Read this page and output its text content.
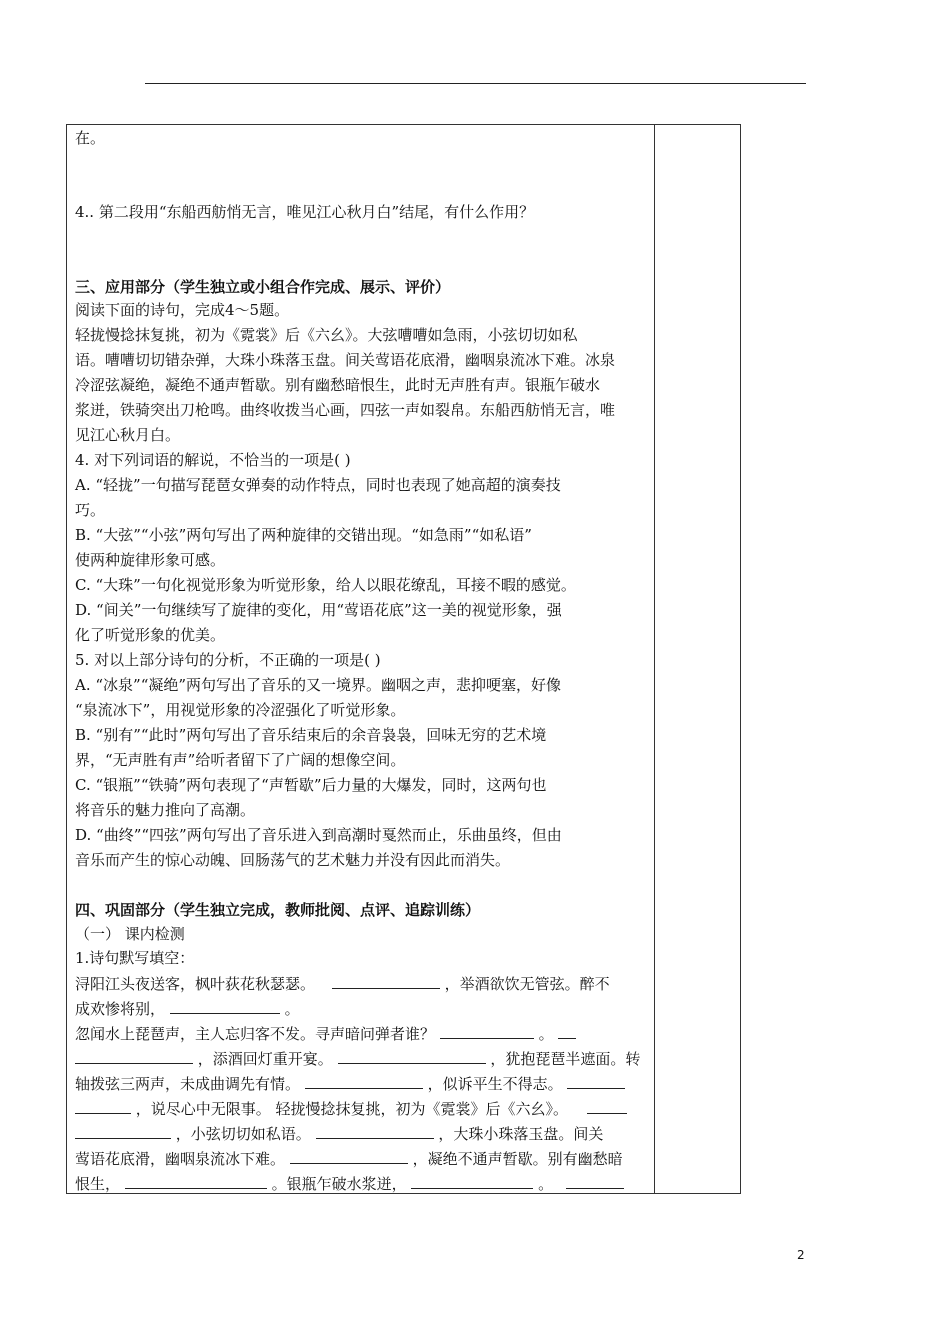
在。
4.. 第二段用“东船西舫悄无言，唯见江心秋月白”结尾，有什么作用？
三、应用部分（学生独立或小组合作完成、展示、评价）
阅读下面的诗句，完成4～5题。
轻拢慢捻抹复挑，初为《霓裳》后《六幺》。大弦嘈嘈如急雨，小弦切切如私
语。嘈嘈切切错杂弹，大珠小珠落玉盘。间关莺语花底滑，幽咽泉流冰下难。冰泉
冷涩弦凝绝，凝绝不通声暂歇。别有幽愁暗恨生，此时无声胜有声。银瓶乍破水
浆迸，铁骑突出刀枪鸣。曲终收拨当心画，四弦一声如裂帛。东船西舫悄无言，唯
见江心秋月白。
4. 对下列词语的解说，不恰当的一项是( )
A. “轻拢”一句描写琵琶女弹奏的动作特点，同时也表现了她高超的演奏技
巧。
B. “大弦”“小弦”两句写出了两种旋律的交错出现。“如急雨”“如私语”
使两种旋律形象可感。
C. “大珠”一句化视觉形象为听觉形象，给人以眼花缭乱，耳接不暇的感觉。
D. “间关”一句继续写了旋律的变化，用“莺语花底”这一美的视觉形象，强
化了听觉形象的优美。
5. 对以上部分诗句的分析，不正确的一项是( )
A. “冰泉”“凝绝”两句写出了音乐的又一境界。幽咽之声，悲抑哽塞，好像
“泉流冰下”，用视觉形象的冷涩强化了听觉形象。
B. “别有”“此时”两句写出了音乐结束后的余音袅袅，回味无穷的艺术境
界，“无声胜有声”给听者留下了广阔的想像空间。
C. “银瓶”“铁骑”两句表现了“声暂歇”后力量的大爆发，同时，这两句也
将音乐的魅力推向了高潮。
D. “曲终”“四弦”两句写出了音乐进入到高潮时戛然而止，乐曲虽终，但由
音乐而产生的惊心动魄、回肠荡气的艺术魅力并没有因此而消失。
四、巩固部分（学生独立完成，教师批阅、点评、追踪训练）
（一） 课内检测
1.诗句默写填空：
浔阳江头夜送客，枫叶荻花秋瑟瑟。	，举酒欲饮无管弦。醉不
成欢惨将别，	。
忽闻水上琵琶声，主人忘归客不发。寻声暗问弹者谁？	。
，添酒回灯重开宴。	，犹抱琵琶半遮面。转
轴拨弦三两声，未成曲调先有情。	，似诉平生不得志。
，说尽心中无限事。 轻拢慢捻抹复挑，初为《霓裳》后《六幺》。
，小弦切切如私语。	，大珠小珠落玉盘。间关
莺语花底滑，幽咽泉流冰下难。	，凝绝不通声暂歇。别有幽愁暗
恨生，	。银瓶乍破水浆迸，	。
2
